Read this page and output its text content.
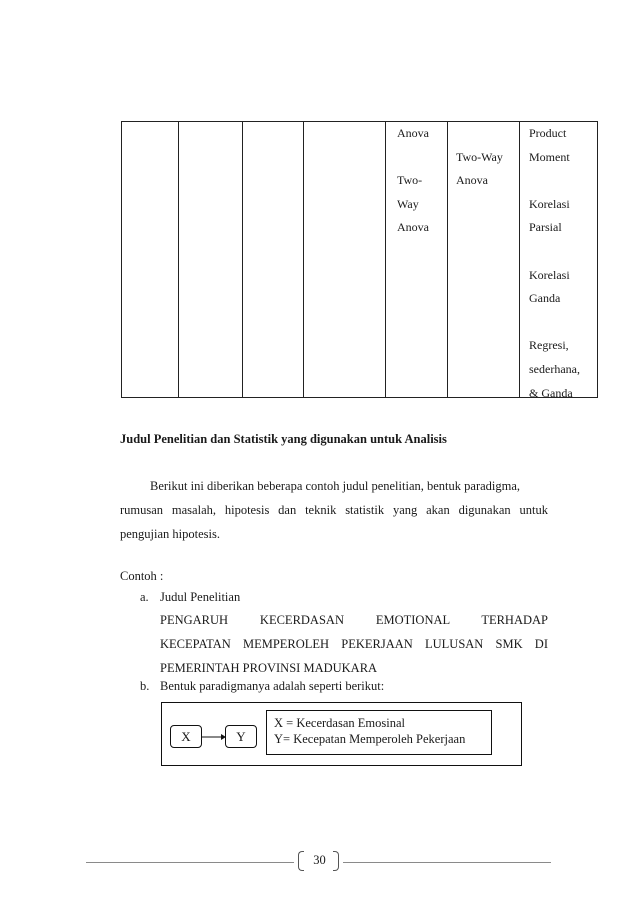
Anova

Two-
Way
Anova

Two-Way
Anova
Product
Moment

Korelasi
Parsial

Korelasi
Ganda

Regresi,
sederhana,
& Ganda
Judul Penelitian dan Statistik yang digunakan untuk Analisis
Berikut ini diberikan beberapa contoh judul penelitian, bentuk paradigma,
rumusan masalah, hipotesis dan teknik statistik yang akan digunakan untuk
pengujian hipotesis.
Contoh :
a. Judul Penelitian
PENGARUH KECERDASAN EMOTIONAL TERHADAP
KECEPATAN MEMPEROLEH PEKERJAAN LULUSAN SMK DI
PEMERINTAH PROVINSI MADUKARA
b. Bentuk paradigmanya adalah seperti berikut:
X	Y
X = Kecerdasan Emosinal
Y= Kecepatan Memperoleh Pekerjaan
30
